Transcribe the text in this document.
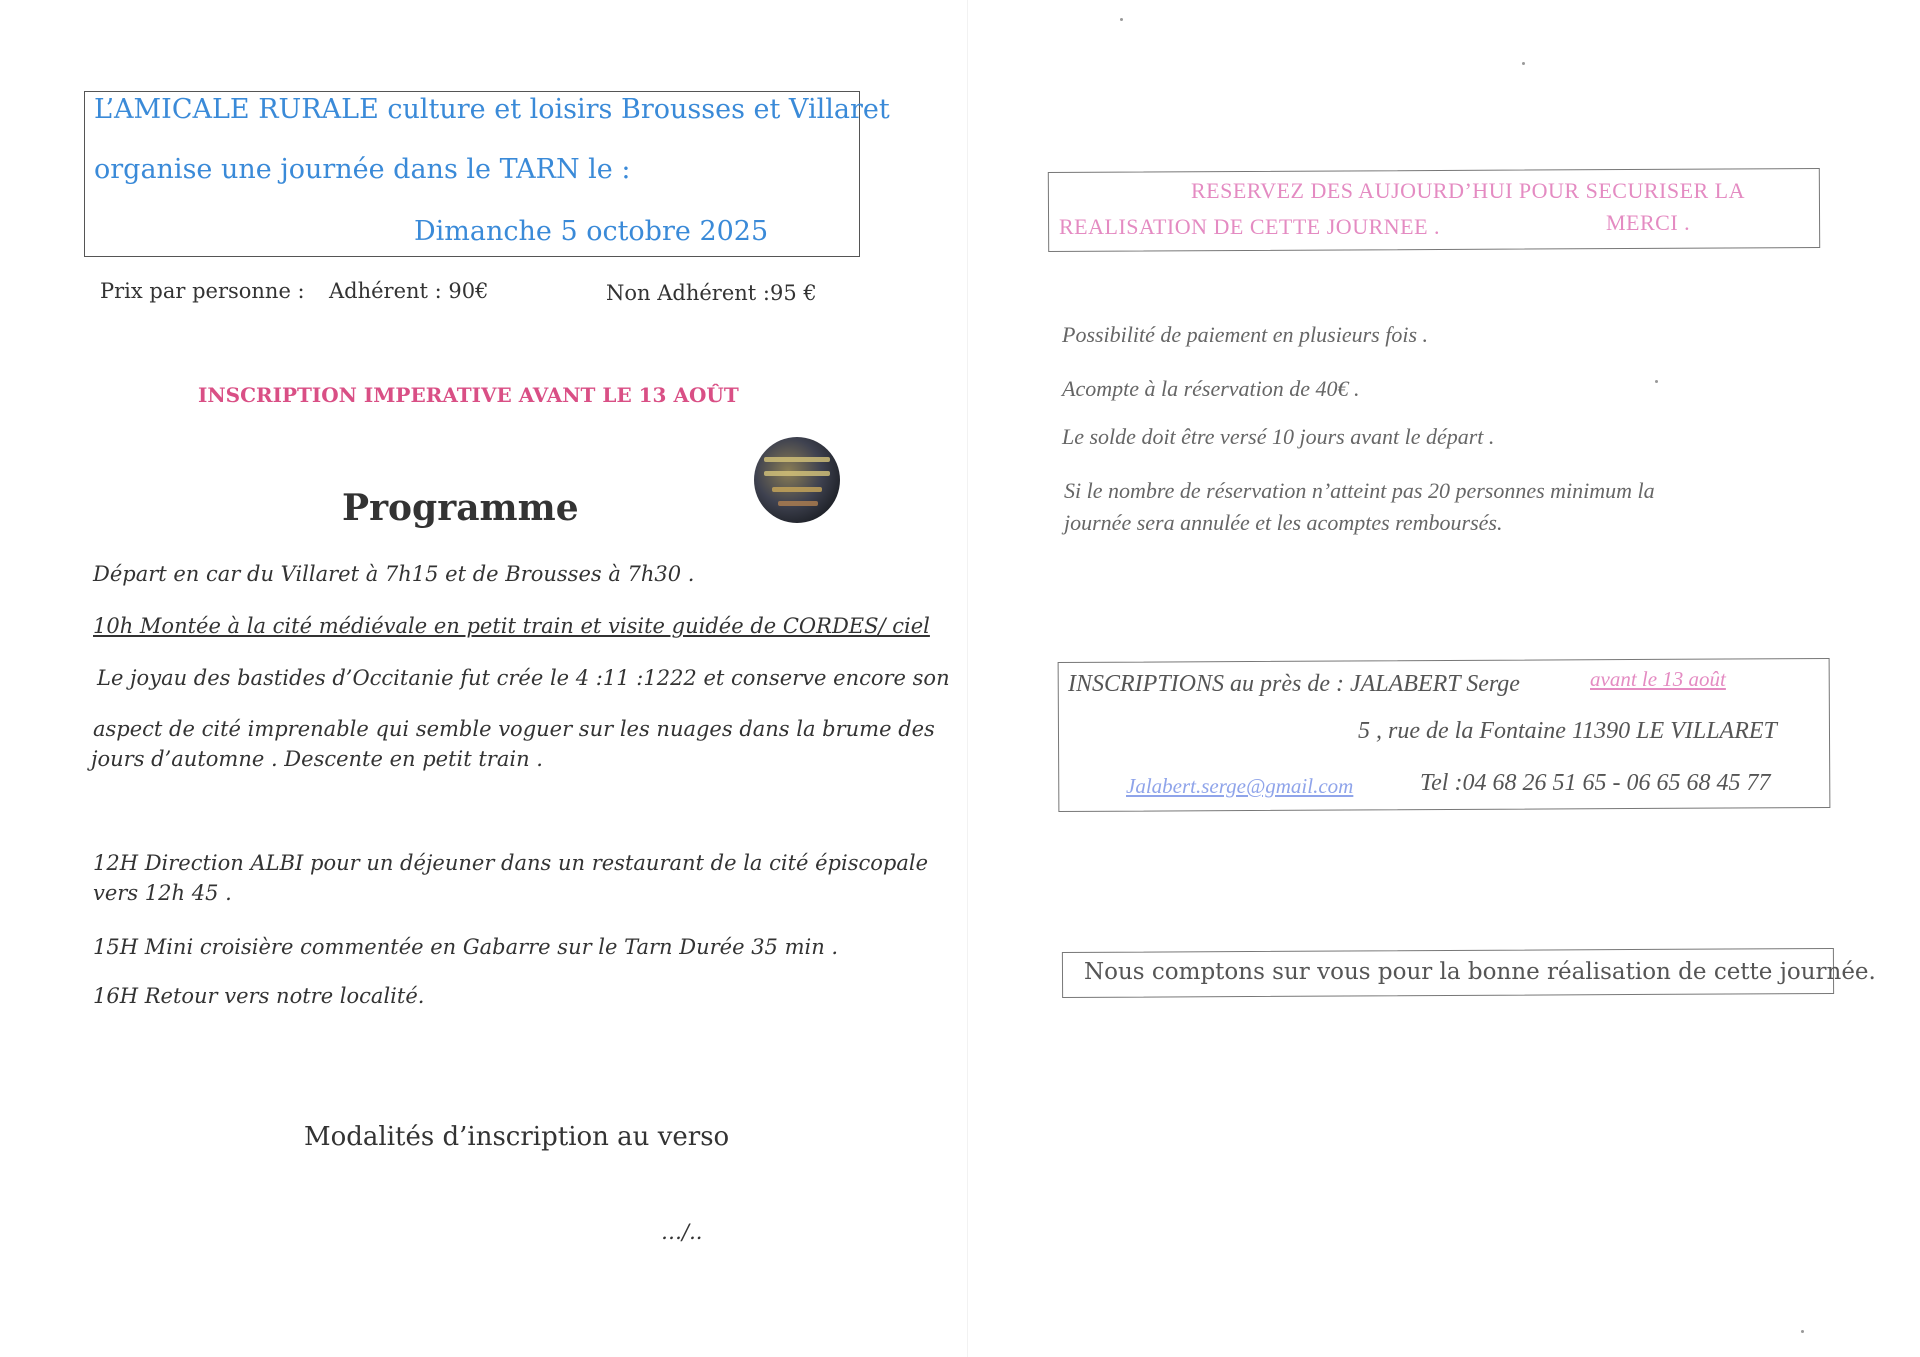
L’AMICALE RURALE culture et loisirs Brousses et Villaret
organise une journée dans le TARN le :
Dimanche 5 octobre 2025
Prix par personne : Adhérent : 90€	Non Adhérent :95 €
INSCRIPTION IMPERATIVE AVANT LE 13 AOÛT
Programme
Départ en car du Villaret à 7h15 et de Brousses à 7h30 .
10h Montée à la cité médiévale en petit train et visite guidée de CORDES/ ciel
Le joyau des bastides d’Occitanie fut crée le 4 :11 :1222 et conserve encore son
aspect de cité imprenable qui semble voguer sur les nuages dans la brume des
jours d’automne . Descente en petit train .
12H Direction ALBI pour un déjeuner dans un restaurant de la cité épiscopale
vers 12h 45 .
15H Mini croisière commentée en Gabarre sur le Tarn Durée 35 min .
16H Retour vers notre localité.
Modalités d’inscription au verso
…/..
RESERVEZ DES AUJOURD’HUI POUR SECURISER LA
REALISATION DE CETTE JOURNEE .	MERCI .
Possibilité de paiement en plusieurs fois .
Acompte à la réservation de 40€ .
Le solde doit être versé 10 jours avant le départ .
Si le nombre de réservation n’atteint pas 20 personnes minimum la
journée sera annulée et les acomptes remboursés.
INSCRIPTIONS au près de : JALABERT Serge	avant le 13 août
5 , rue de la Fontaine 11390 LE VILLARET
Jalabert.serge@gmail.com	Tel :04 68 26 51 65 - 06 65 68 45 77
Nous comptons sur vous pour la bonne réalisation de cette journée.
